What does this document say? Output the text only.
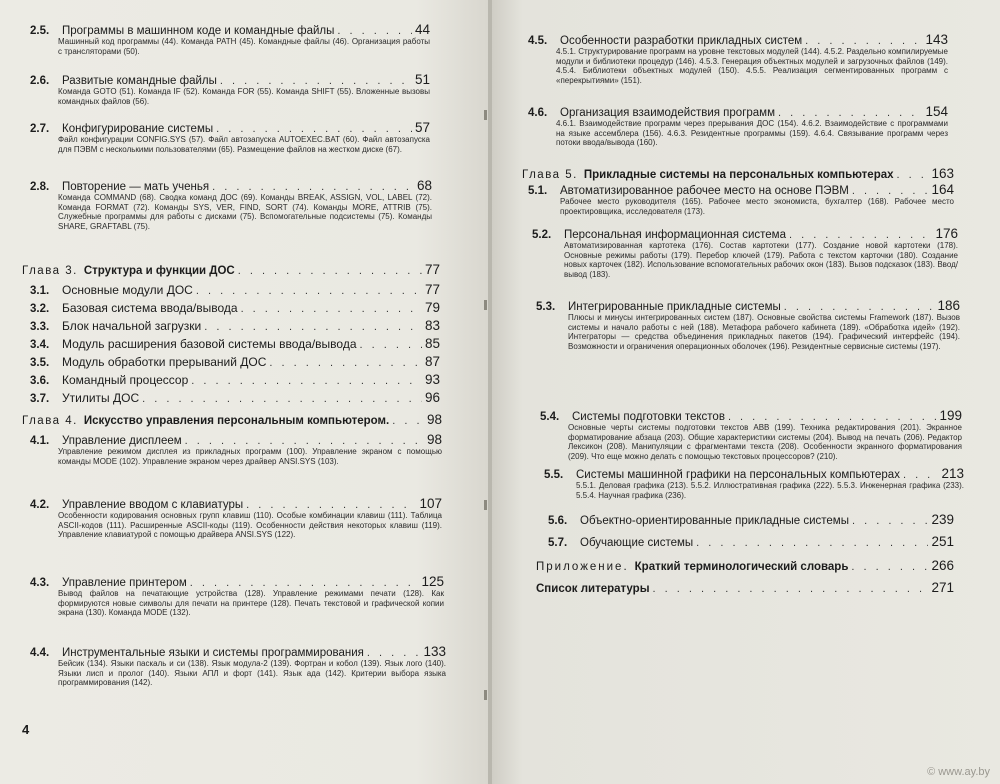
2.5.	Программы в машинном коде и командные файлы . . .	44
Машинный код программы (44). Команда PATH (45). Командные файлы (46). Организация работы с трансляторами (50).
2.6.	Развитые командные файлы . . .	51
Команда GOTO (51). Команда IF (52). Команда FOR (55). Команда SHIFT (55). Вложенные вызовы командных файлов (56).
2.7.	Конфигурирование системы . . .	57
Файл конфигурации CONFIG.SYS (57). Файл автозапуска AUTOEXEC.BAT (60). Файл автозапуска для ПЭВМ с несколькими пользователями (65). Размещение файлов на жестком диске (67).
2.8.	Повторение — мать ученья . . .	68
Команда COMMAND (68). Сводка команд ДОС (69). Команды BREAK, ASSIGN, VOL, LABEL (72). Команда FORMAT (72). Команды SYS, VER, FIND, SORT (74). Команды MORE, ATTRIB (75). Служебные программы для работы с дисками (75). Вспомогательные подсистемы (75). Команды SHARE, GRAFTABL (75).
Глава 3. Структура и функции ДОС . . .	77
3.1.	Основные модули ДОС . . .	77
3.2.	Базовая система ввода/вывода . . .	79
3.3.	Блок начальной загрузки . . .	83
3.4.	Модуль расширения базовой системы ввода/вывода . . .	85
3.5.	Модуль обработки прерываний ДОС . . .	87
3.6.	Командный процессор . . .	93
3.7.	Утилиты ДОС . . .	96
Глава 4. Искусство управления персональным компьютером. . . .	98
4.1.	Управление дисплеем . . .	98
Управление режимом дисплея из прикладных программ (100). Управление экраном с помощью команды MODE (102). Управление экраном через драйвер ANSI.SYS (103).
4.2.	Управление вводом с клавиатуры . . .	107
Особенности кодирования основных групп клавиш (110). Особые комбинации клавиш (111). Таблица ASCII-кодов (111). Расширенные ASCII-коды (119). Особенности действия некоторых клавиш (119). Управление клавиатурой с помощью драйвера ANSI.SYS (122).
4.3.	Управление принтером . . .	125
Вывод файлов на печатающие устройства (128). Управление режимами печати (128). Как формируются новые символы для печати на принтере (128). Печать текстовой и графической копии экрана (130). Команда MODE (132).
4.4.	Инструментальные языки и системы программирования . . .	133
Бейсик (134). Языки паскаль и си (138). Язык модула-2 (139). Фортран и кобол (139). Язык лого (140). Языки лисп и пролог (140). Языки АПЛ и форт (141). Язык ада (142). Критерии выбора языка программирования (142).
4
4.5.	Особенности разработки прикладных систем . . .	143
4.5.1. Структурирование программ на уровне текстовых модулей (144). 4.5.2. Раздельно компилируемые модули и библиотеки процедур (146). 4.5.3. Генерация объектных модулей и загрузочных файлов (149). 4.5.4. Библиотеки объектных модулей (150). 4.5.5. Реализация сегментированных программ с «перекрытиями» (151).
4.6.	Организация взаимодействия программ . . .	154
4.6.1. Взаимодействие программ через прерывания ДОС (154). 4.6.2. Взаимодействие с программами на языке ассемблера (156). 4.6.3. Резидентные программы (159). 4.6.4. Связывание программ через потоки ввода/вывода (160).
Глава 5. Прикладные системы на персональных компьютерах . . .	163
5.1.	Автоматизированное рабочее место на основе ПЭВМ . . .	164
Рабочее место руководителя (165). Рабочее место экономиста, бухгалтер (168). Рабочее место проектировщика, исследователя (173).
5.2.	Персональная информационная система . . .	176
Автоматизированная картотека (176). Состав картотеки (177). Создание новой картотеки (178). Основные режимы работы (179). Перебор ключей (179). Работа с текстом карточки (180). Создание новых карточек (182). Использование вспомогательных рабочих окон (183). Вызов подсказок (183). Ввод/вывод (183).
5.3.	Интегрированные прикладные системы . . .	186
Плюсы и минусы интегрированных систем (187). Основные свойства системы Framework (187). Вызов системы и начало работы с ней (188). Метафора рабочего кабинета (189). «Обработка идей» (192). Интеграторы — средства объединения прикладных пакетов (194). Графический интерфейс (194). Возможности и ограничения операционных оболочек (196). Резидентные сервисные системы (197).
5.4.	Системы подготовки текстов . . .	199
Основные черты системы подготовки текстов ABB (199). Техника редактирования (201). Экранное форматирование абзаца (203). Общие характеристики системы (204). Вывод на печать (206). Редактор Лексикон (208). Манипуляции с фрагментами текста (208). Особенности экранного форматирования (209). Что еще можно делать с помощью текстовых процессоров? (210).
5.5.	Системы машинной графики на персональных компьютерах . . .	213
5.5.1. Деловая графика (213). 5.5.2. Иллюстративная графика (222). 5.5.3. Инженерная графика (233). 5.5.4. Научная графика (236).
5.6.	Объектно-ориентированные прикладные системы . . .	239
5.7.	Обучающие системы . . .	251
Приложение. Краткий терминологический словарь . . .	266
Список литературы . . .	271
© www.ay.by
